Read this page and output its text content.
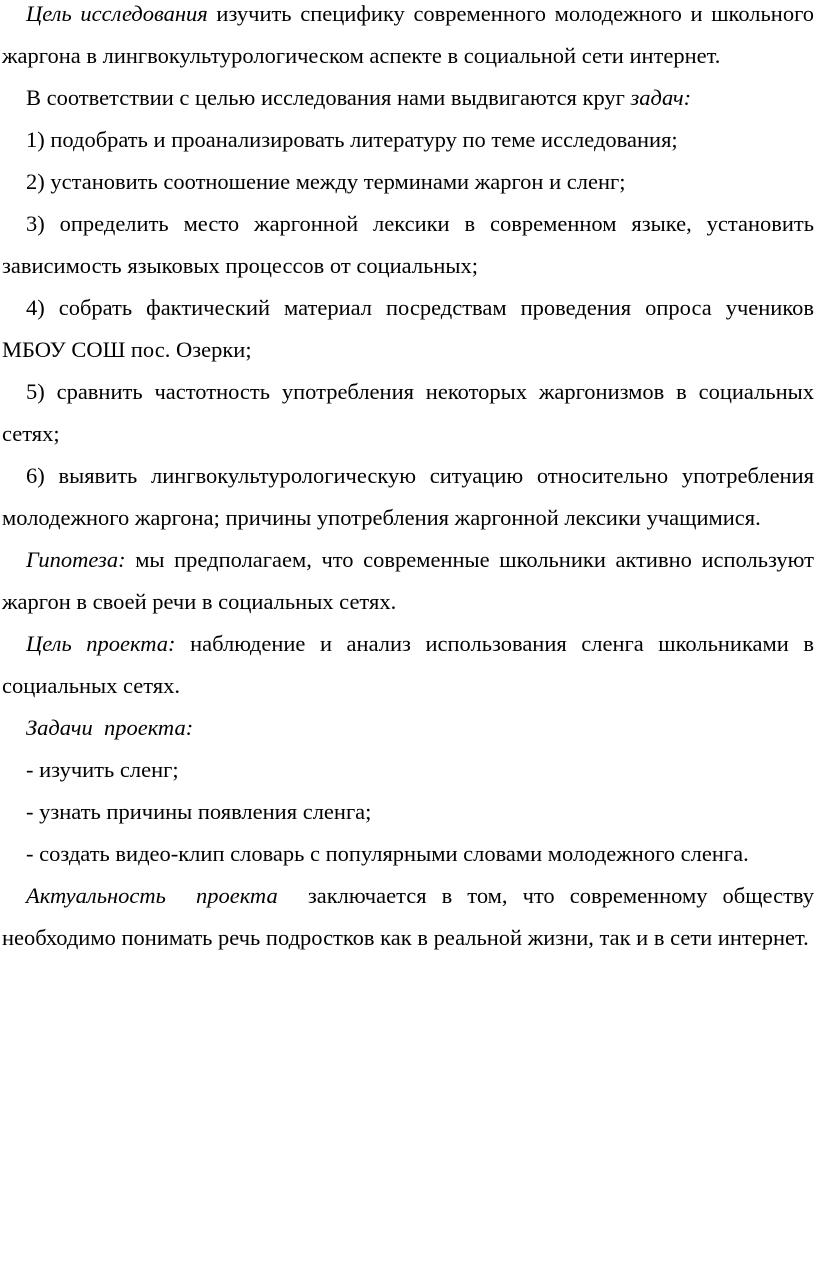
Цель исследования изучить специфику современного молодежного и школьного жаргона в лингвокультурологическом аспекте в социальной сети интернет.

В соответствии с целью исследования нами выдвигаются круг задач:

1) подобрать и проанализировать литературу по теме исследования;

2) установить соотношение между терминами жаргон и сленг;

3) определить место жаргонной лексики в современном языке, установить зависимость языковых процессов от социальных;

4) собрать фактический материал посредствам проведения опроса учеников МБОУ СОШ пос. Озерки;

5) сравнить частотность употребления некоторых жаргонизмов в социальных сетях;

6) выявить лингвокультурологическую ситуацию относительно употребления молодежного жаргона; причины употребления жаргонной лексики учащимися.

Гипотеза: мы предполагаем, что современные школьники активно используют жаргон в своей речи в социальных сетях.

Цель проекта: наблюдение и анализ использования сленга школьниками в социальных сетях.

Задачи  проекта:

- изучить сленг;

- узнать причины появления сленга;

- создать видео-клип словарь с популярными словами молодежного сленга.

Актуальность  проекта  заключается в том, что современному обществу необходимо понимать речь подростков как в реальной жизни, так и в сети интернет.
